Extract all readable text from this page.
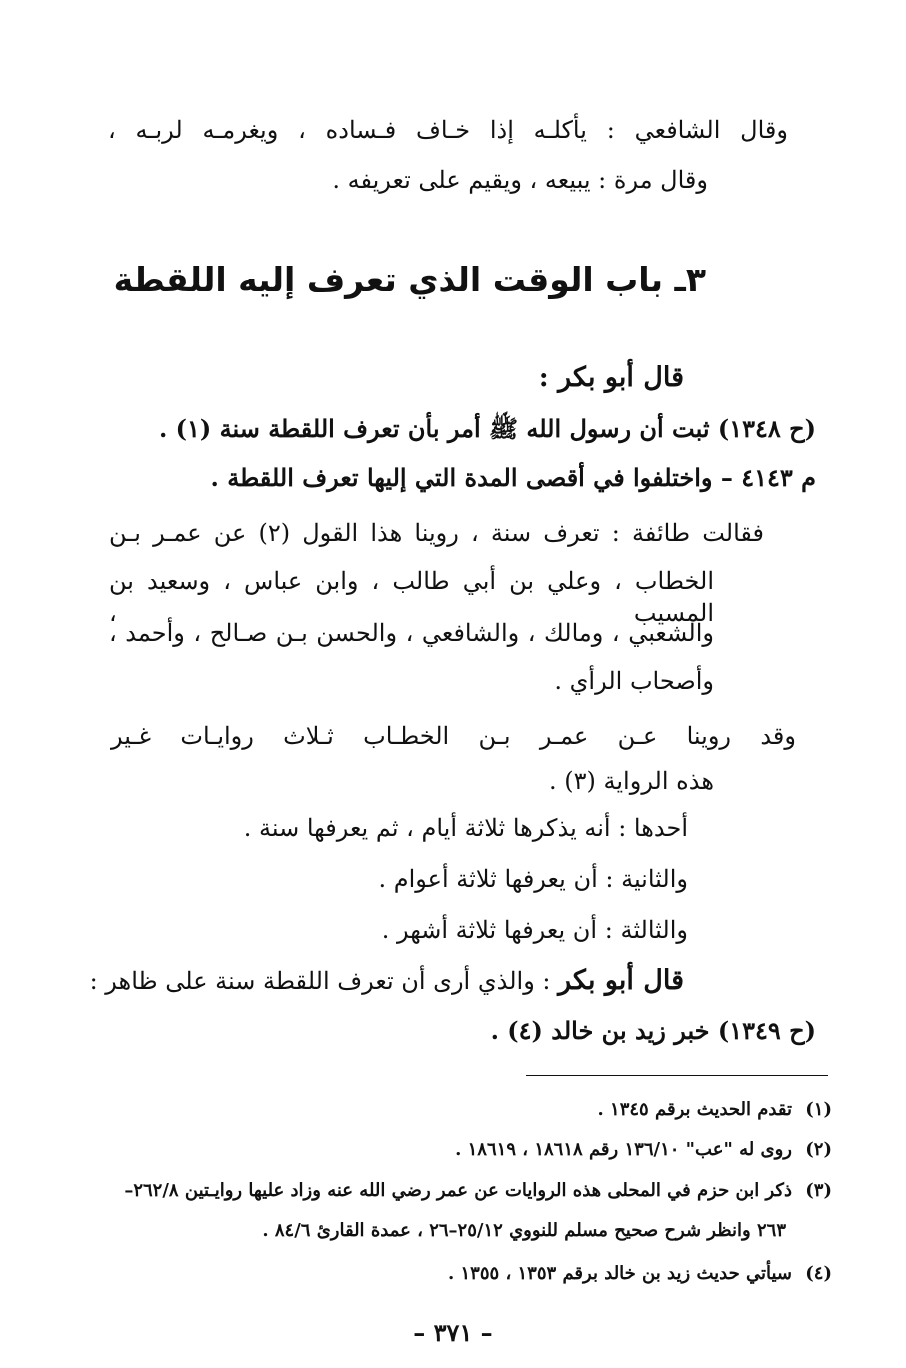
وقال الشافعي : يأكلـه إذا خـاف فـساده ، ويغرمـه لربـه ،
وقال مرة : يبيعه ، ويقيم على تعريفه .
٣ـ باب الوقت الذي تعرف إليه اللقطة
قال أبو بكر :
(ح ١٣٤٨) ثبت أن رسول الله ﷺ أمر بأن تعرف اللقطة سنة (١) .
م ٤١٤٣ – واختلفوا في أقصى المدة التي إليها تعرف اللقطة .
فقالت طائفة : تعرف سنة ، روينا هذا القول (٢) عن عمـر بـن
الخطاب ، وعلي بن أبي طالب ، وابن عباس ، وسعيد بن المسيب ،
والشعبي ، ومالك ، والشافعي ، والحسن بـن صـالح ، وأحمد ،
وأصحاب الرأي .
وقد روينا عـن عمـر بـن الخطـاب ثـلاث روايـات غـير
هذه الرواية (٣) .
أحدها : أنه يذكرها ثلاثة أيام ، ثم يعرفها سنة .
والثانية : أن يعرفها ثلاثة أعوام .
والثالثة : أن يعرفها ثلاثة أشهر .
قال أبو بكر : والذي أرى أن تعرف اللقطة سنة على ظاهر :
(ح ١٣٤٩) خبر زيد بن خالد (٤) .
(١)
تقدم الحديث برقم ١٣٤٥ .
(٢)
روى له "عب" ١٣٦/١٠ رقم ١٨٦١٨ ، ١٨٦١٩ .
(٣)
ذكر ابن حزم في المحلى هذه الروايات عن عمر رضي الله عنه وزاد عليها روايـتين ٢٦٢/٨–
٢٦٣ وانظر شرح صحيح مسلم للنووي ٢٥/١٢–٢٦ ، عمدة القارئ ٨٤/٦ .
(٤)
سيأتي حديث زيد بن خالد برقم ١٣٥٣ ، ١٣٥٥ .
– ٣٧١ –
